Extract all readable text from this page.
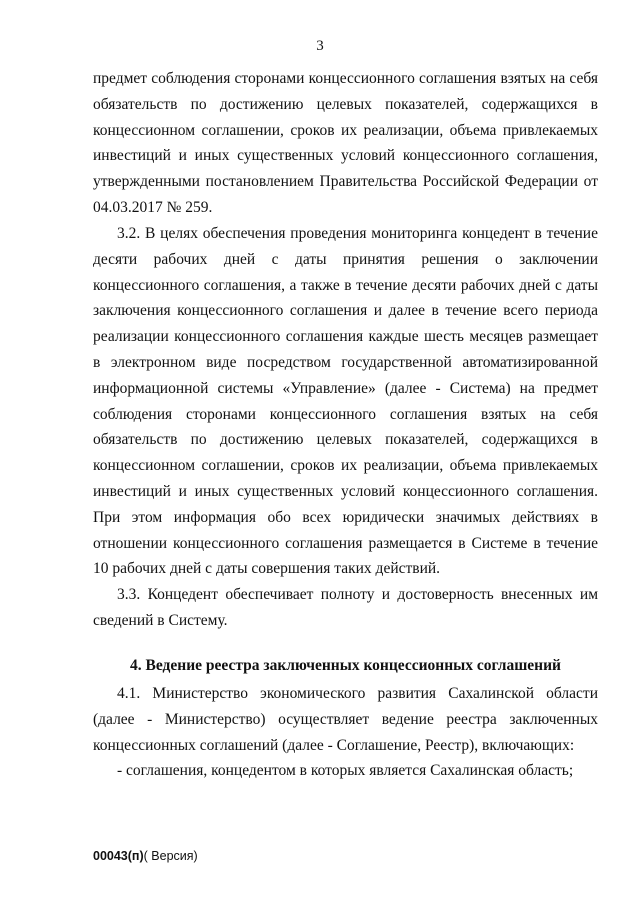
3

предмет соблюдения сторонами концессионного соглашения взятых на себя обязательств по достижению целевых показателей, содержащихся в концессионном соглашении, сроков их реализации, объема привлекаемых инвестиций и иных существенных условий концессионного соглашения, утвержденными постановлением Правительства Российской Федерации от 04.03.2017 № 259.

3.2. В целях обеспечения проведения мониторинга концедент в течение десяти рабочих дней с даты принятия решения о заключении концессионного соглашения, а также в течение десяти рабочих дней с даты заключения концессионного соглашения и далее в течение всего периода реализации концессионного соглашения каждые шесть месяцев размещает в электронном виде посредством государственной автоматизированной информационной системы «Управление» (далее - Система) на предмет соблюдения сторонами концессионного соглашения взятых на себя обязательств по достижению целевых показателей, содержащихся в концессионном соглашении, сроков их реализации, объема привлекаемых инвестиций и иных существенных условий концессионного соглашения. При этом информация обо всех юридически значимых действиях в отношении концессионного соглашения размещается в Системе в течение 10 рабочих дней с даты совершения таких действий.

3.3. Концедент обеспечивает полноту и достоверность внесенных им сведений в Систему.

4. Ведение реестра заключенных концессионных соглашений

4.1. Министерство экономического развития Сахалинской области (далее - Министерство) осуществляет ведение реестра заключенных концессионных соглашений (далее - Соглашение, Реестр), включающих:

- соглашения, концедентом в которых является Сахалинская область;

00043(п)( Версия)
